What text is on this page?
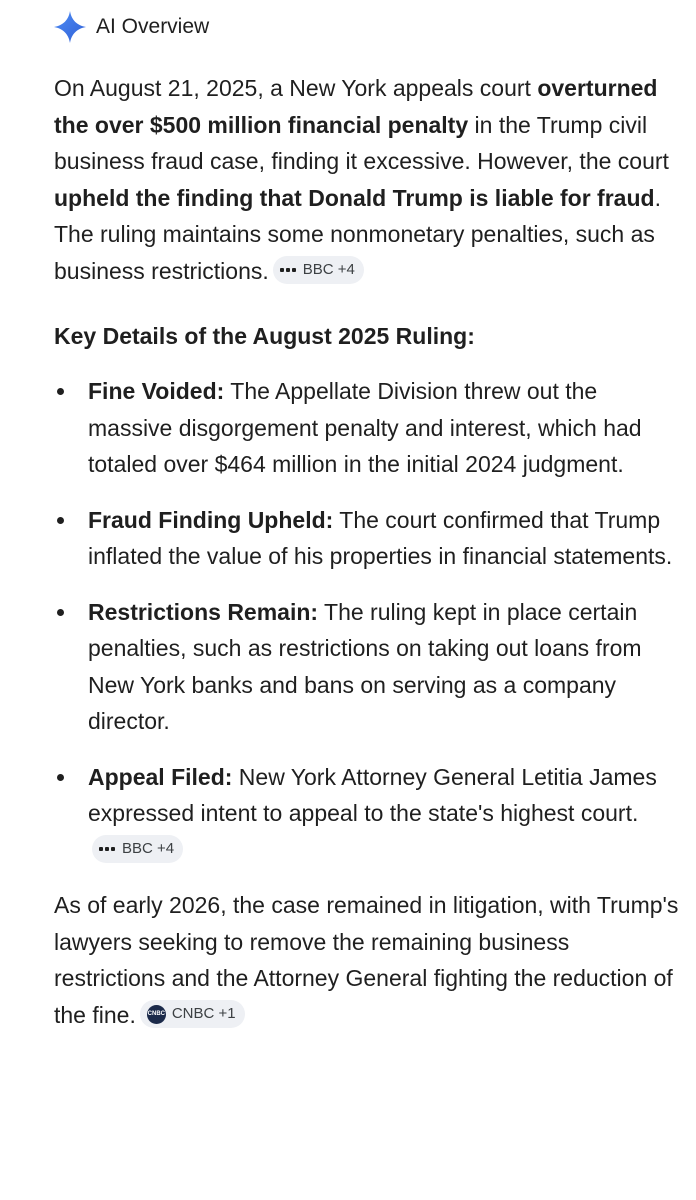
AI Overview

On August 21, 2025, a New York appeals court overturned the over $500 million financial penalty in the Trump civil business fraud case, finding it excessive. However, the court upheld the finding that Donald Trump is liable for fraud. The ruling maintains some nonmonetary penalties, such as business restrictions. BBC +4

Key Details of the August 2025 Ruling:
Fine Voided: The Appellate Division threw out the massive disgorgement penalty and interest, which had totaled over $464 million in the initial 2024 judgment.
Fraud Finding Upheld: The court confirmed that Trump inflated the value of his properties in financial statements.
Restrictions Remain: The ruling kept in place certain penalties, such as restrictions on taking out loans from New York banks and bans on serving as a company director.
Appeal Filed: New York Attorney General Letitia James expressed intent to appeal to the state's highest court.
BBC +4

As of early 2026, the case remained in litigation, with Trump's lawyers seeking to remove the remaining business restrictions and the Attorney General fighting the reduction of the fine. CNBC CNBC +1
